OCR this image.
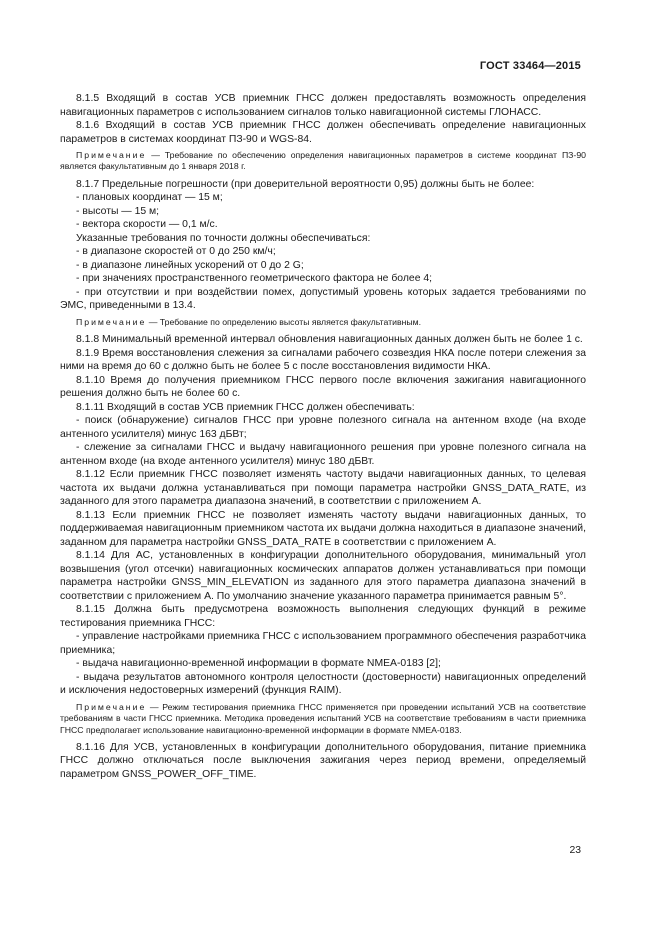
ГОСТ 33464—2015

8.1.5 Входящий в состав УСВ приемник ГНСС должен предоставлять возможность определения навигационных параметров с использованием сигналов только навигационной системы ГЛОНАСС.

8.1.6 Входящий в состав УСВ приемник ГНСС должен обеспечивать определение навигационных параметров в системах координат ПЗ-90 и WGS-84.

Примечание — Требование по обеспечению определения навигационных параметров в системе координат ПЗ-90 является факультативным до 1 января 2018 г.

8.1.7 Предельные погрешности (при доверительной вероятности 0,95) должны быть не более:

- плановых координат — 15 м;

- высоты — 15 м;

- вектора скорости — 0,1 м/с.

Указанные требования по точности должны обеспечиваться:

- в диапазоне скоростей от 0 до 250 км/ч;

- в диапазоне линейных ускорений от 0 до 2 G;

- при значениях пространственного геометрического фактора не более 4;

- при отсутствии и при воздействии помех, допустимый уровень которых задается требованиями по ЭМС, приведенными в 13.4.

Примечание — Требование по определению высоты является факультативным.

8.1.8 Минимальный временной интервал обновления навигационных данных должен быть не более 1 с.

8.1.9 Время восстановления слежения за сигналами рабочего созвездия НКА после потери слежения за ними на время до 60 с должно быть не более 5 с после восстановления видимости НКА.

8.1.10 Время до получения приемником ГНСС первого после включения зажигания навигационного решения должно быть не более 60 с.

8.1.11 Входящий в состав УСВ приемник ГНСС должен обеспечивать:

- поиск (обнаружение) сигналов ГНСС при уровне полезного сигнала на антенном входе (на входе антенного усилителя) минус 163 дБВт;

- слежение за сигналами ГНСС и выдачу навигационного решения при уровне полезного сигнала на антенном входе (на входе антенного усилителя) минус 180 дБВт.

8.1.12 Если приемник ГНСС позволяет изменять частоту выдачи навигационных данных, то целевая частота их выдачи должна устанавливаться при помощи параметра настройки GNSS_DATA_RATE, из заданного для этого параметра диапазона значений, в соответствии с приложением А.

8.1.13 Если приемник ГНСС не позволяет изменять частоту выдачи навигационных данных, то поддерживаемая навигационным приемником частота их выдачи должна находиться в диапазоне значений, заданном для параметра настройки GNSS_DATA_RATE в соответствии с приложением А.

8.1.14 Для АС, установленных в конфигурации дополнительного оборудования, минимальный угол возвышения (угол отсечки) навигационных космических аппаратов должен устанавливаться при помощи параметра настройки GNSS_MIN_ELEVATION из заданного для этого параметра диапазона значений в соответствии с приложением А. По умолчанию значение указанного параметра принимается равным 5°.

8.1.15 Должна быть предусмотрена возможность выполнения следующих функций в режиме тестирования приемника ГНСС:

- управление настройками приемника ГНСС с использованием программного обеспечения разработчика приемника;

- выдача навигационно-временной информации в формате NMEA-0183 [2];

- выдача результатов автономного контроля целостности (достоверности) навигационных определений и исключения недостоверных измерений (функция RAIM).

Примечание — Режим тестирования приемника ГНСС применяется при проведении испытаний УСВ на соответствие требованиям в части ГНСС приемника. Методика проведения испытаний УСВ на соответствие требованиям в части приемника ГНСС предполагает использование навигационно-временной информации в формате NMEA-0183.

8.1.16 Для УСВ, установленных в конфигурации дополнительного оборудования, питание приемника ГНСС должно отключаться после выключения зажигания через период времени, определяемый параметром GNSS_POWER_OFF_TIME.

23
